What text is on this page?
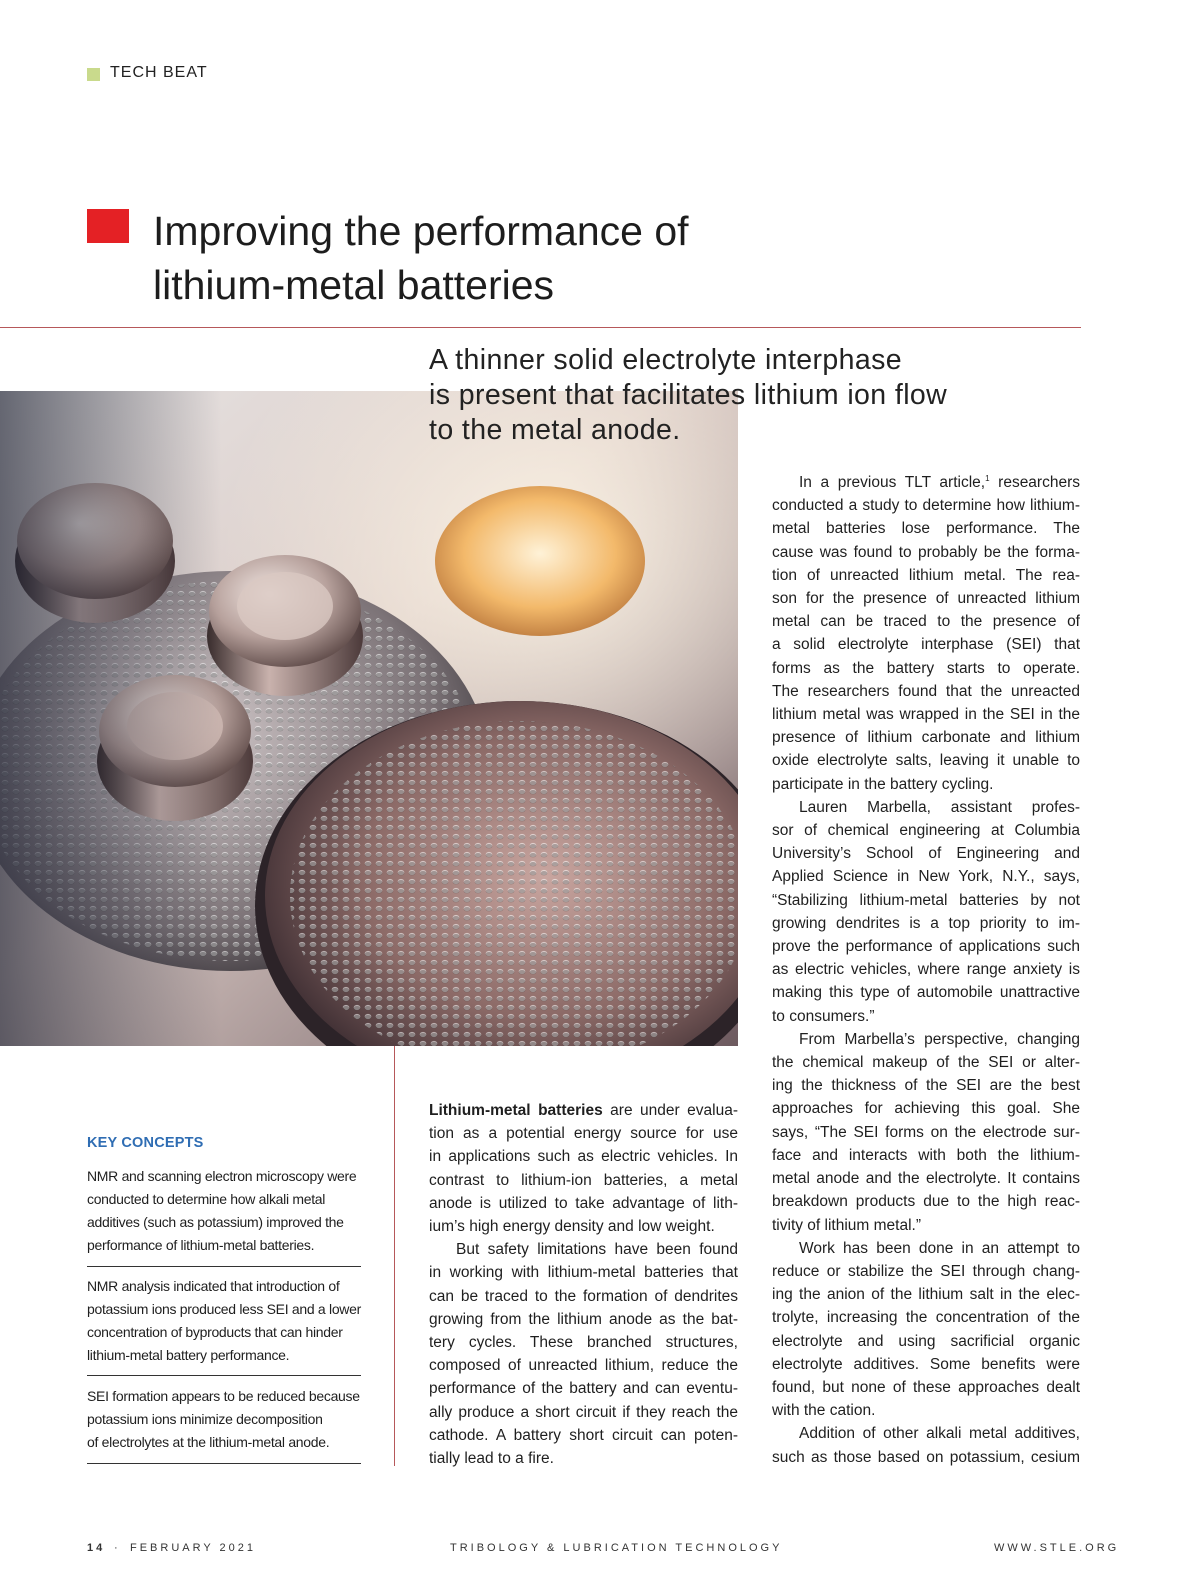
TECH BEAT
Improving the performance of
lithium-metal batteries
A thinner solid electrolyte interphase
is present that facilitates lithium ion flow
to the metal anode.
KEY CONCEPTS
NMR and scanning electron microscopy were
conducted to determine how alkali metal
additives (such as potassium) improved the
performance of lithium-metal batteries.
NMR analysis indicated that introduction of
potassium ions produced less SEI and a lower
concentration of byproducts that can hinder
lithium-metal battery performance.
SEI formation appears to be reduced because
potassium ions minimize decomposition
of electrolytes at the lithium-metal anode.
Lithium-metal batteries are under evalua-
tion as a potential energy source for use
in applications such as electric vehicles. In
contrast to lithium-ion batteries, a metal
anode is utilized to take advantage of lith-
ium’s high energy density and low weight.
But safety limitations have been found
in working with lithium-metal batteries that
can be traced to the formation of dendrites
growing from the lithium anode as the bat-
tery cycles. These branched structures,
composed of unreacted lithium, reduce the
performance of the battery and can eventu-
ally produce a short circuit if they reach the
cathode. A battery short circuit can poten-
tially lead to a fire.
In a previous TLT article,$^1$ researchers
conducted a study to determine how lithium-
metal batteries lose performance. The
cause was found to probably be the forma-
tion of unreacted lithium metal. The rea-
son for the presence of unreacted lithium
metal can be traced to the presence of
a solid electrolyte interphase (SEI) that
forms as the battery starts to operate.
The researchers found that the unreacted
lithium metal was wrapped in the SEI in the
presence of lithium carbonate and lithium
oxide electrolyte salts, leaving it unable to
participate in the battery cycling.
Lauren Marbella, assistant profes-
sor of chemical engineering at Columbia
University’s School of Engineering and
Applied Science in New York, N.Y., says,
“Stabilizing lithium-metal batteries by not
growing dendrites is a top priority to im-
prove the performance of applications such
as electric vehicles, where range anxiety is
making this type of automobile unattractive
to consumers.”
From Marbella’s perspective, changing
the chemical makeup of the SEI or alter-
ing the thickness of the SEI are the best
approaches for achieving this goal. She
says, “The SEI forms on the electrode sur-
face and interacts with both the lithium-
metal anode and the electrolyte. It contains
breakdown products due to the high reac-
tivity of lithium metal.”
Work has been done in an attempt to
reduce or stabilize the SEI through chang-
ing the anion of the lithium salt in the elec-
trolyte, increasing the concentration of the
electrolyte and using sacrificial organic
electrolyte additives. Some benefits were
found, but none of these approaches dealt
with the cation.
Addition of other alkali metal additives,
such as those based on potassium, cesium
14 · FEBRUARY 2021	TRIBOLOGY & LUBRICATION TECHNOLOGY	WWW.STLE.ORG
